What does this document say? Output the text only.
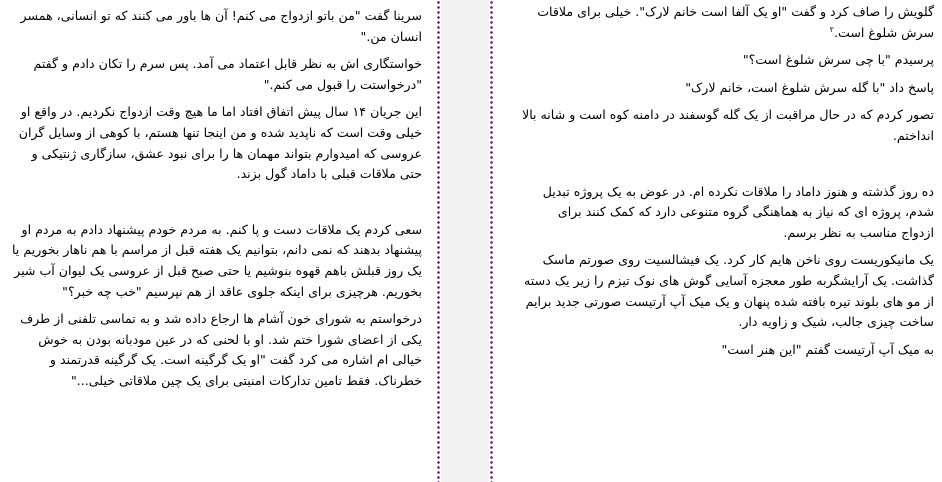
سرینا گفت "من باتو ازدواج می کنم! آن ها باور می کنند که تو انسانی، همسر انسان من."

خواستگاری اش به نظر قابل اعتماد می آمد. پس سرم را تکان دادم و گفتم "درخواستت را قبول می کنم."

این جریان ۱۴ سال پیش اتفاق افتاد اما ما هیچ وقت ازدواج نکردیم. در واقع او خیلی وقت است که ناپدید شده و من اینجا تنها هستم، با کوهی از وسایل گران عروسی که امیدوارم بتواند مهمان ها را برای نبود عشق، سازگاری ژنتیکی و حتی ملاقات قبلی با داماد گول بزند.

سعی کردم یک ملاقات دست و پا کنم. به مردم خودم پیشنهاد دادم به مردم او پیشنهاد بدهند که نمی دانم، بتوانیم یک هفته قبل از مراسم با هم ناهار بخوریم یا یک روز قبلش باهم قهوه بنوشیم یا حتی صبح قبل از عروسی یک لیوان آب شیر بخوریم. هرچیزی برای اینکه جلوی عاقد از هم نپرسیم "خب چه خبر؟"

درخواستم به شورای خون آشام ها ارجاع داده شد و به تماسی تلفنی از طرف یکی از اعضای شورا ختم شد. او با لحنی که در عین مودبانه بودن به خوش خیالی ام اشاره می کرد گفت "او یک گرگینه است. یک گرگینه قدرتمند و خطرناک. فقط تامین تدارکات امنیتی برای یک چین ملاقاتی خیلی..."

گلویش را صاف کرد و گفت "او یک آلفا است خانم لارک". خیلی برای ملاقات سرش شلوغ است.$^۲$

پرسیدم "با چی سرش شلوغ است؟"

پاسخ داد "با گله سرش شلوغ است، خانم لارک"

تصور کردم که در حال مراقبت از یک گله گوسفند در دامنه کوه است و شانه بالا انداختم.

ده روز گذشته و هنوز داماد را ملاقات نکرده ام. در عوض به یک پروژه تبدیل شدم، پروژه ای که نیاز به هماهنگی گروه متنوعی دارد که کمک کنند برای ازدواج مناسب به نظر برسم.

یک مانیکوریست روی ناخن هایم کار کرد. یک فیشالسیت روی صورتم ماسک گذاشت. یک آرایشگربه طور معجزه آسایی گوش های نوک تیزم را زیر یک دسته از مو های بلوند تیره بافته شده پنهان و یک میک آپ آرتیست صورتی جدید برایم ساخت چیزی جالب، شیک و زاویه دار.

به میک آپ آرتیست گفتم "این هنر است"
